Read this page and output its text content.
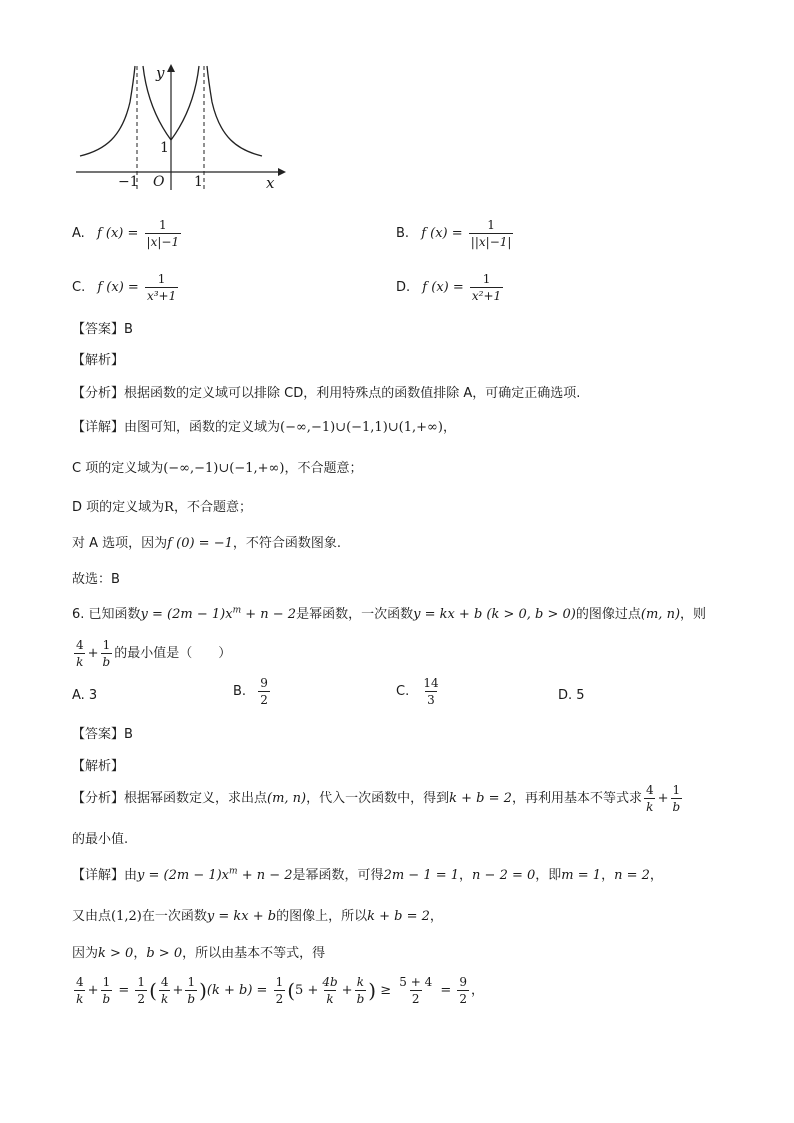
y
x
O
1
−1	1
A. f $(x) = \frac{1}{|x|-1}$	B. f $(x) = \frac{1}{||x|-1|}$
C. f $(x) = \frac{1}{\text{x³+1}}$	D. f $(x) = \frac{1}{\text{x²+1}}$
【答案】B
【解析】
【分析】根据函数的定义域可以排除 CD，利用特殊点的函数值排除 A，可确定正确选项.
【详解】由图可知，函数的定义域为(−∞,−1)∪(−1,1)∪(1,+∞)，
C 项的定义域为(−∞,−1)∪(−1,+∞)，不合题意；
D 项的定义域为R，不合题意；
对 A 选项，因为f (0) = −1，不符合函数图象.
故选：B
6. 已知函数$y = (2m - 1)x^m + n - 2$是幂函数，一次函数y = kx + b (k > 0, b > 0)的图像过点(m, n)，则
$\frac{4}{k} + \frac{1}{b}$ 的最小值是（　　）
A. 3	B. $\frac{9}{2}$	C. $\frac{14}{3}$	D. 5
【答案】B
【解析】
【分析】根据幂函数定义，求出点(m, n)，代入一次函数中，得到k + b = 2，再利用基本不等式求 $\frac{4}{k} + \frac{1}{b}$
的最小值.
【详解】由$y = (2m - 1)x^m + n - 2$是幂函数，可得2m − 1 = 1，n − 2 = 0，即m = 1，n = 2，
又由点(1,2)在一次函数y = kx + b的图像上，所以k + b = 2，
因为k > 0，b > 0，所以由基本不等式，得
$\frac{4}{k} + \frac{1}{b} = \frac{1}{2}$ ( $\frac{4}{k} + \frac{1}{b} )(k + b) = \frac{1}{2} (5 + \frac{4b}{k} + \frac{k}{b}$ ) ≥ $\frac{5 + 4}{2} = \frac{9}{2}$ ，
